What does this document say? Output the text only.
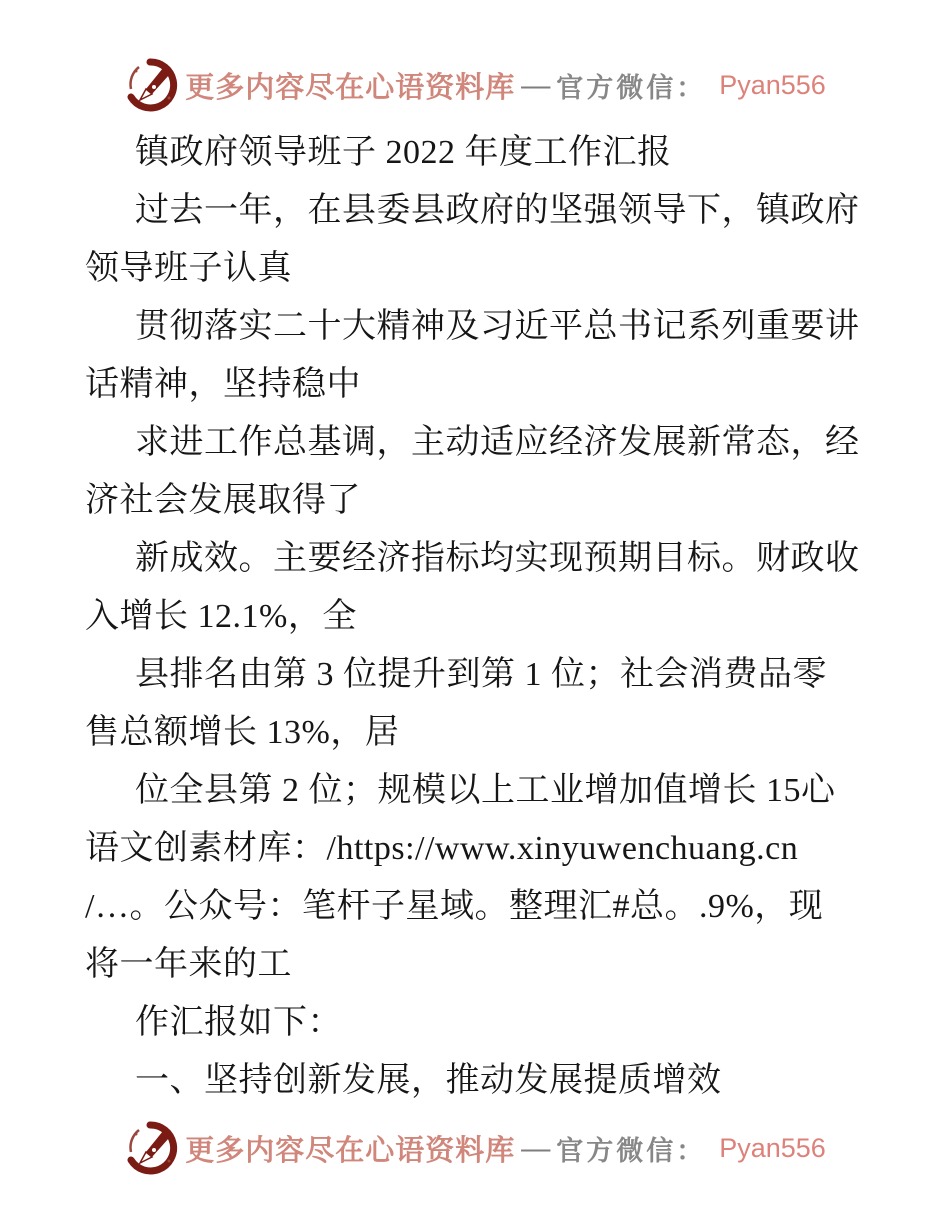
更多内容尽在心语资料库 — 官方微信： Pyan556
镇政府领导班子 2022 年度工作汇报
过去一年，在县委县政府的坚强领导下，镇政府
领导班子认真
贯彻落实二十大精神及习近平总书记系列重要讲
话精神，坚持稳中
求进工作总基调，主动适应经济发展新常态，经
济社会发展取得了
新成效。主要经济指标均实现预期目标。财政收
入增长 12.1%，全
县排名由第 3 位提升到第 1 位；社会消费品零
售总额增长 13%，居
位全县第 2 位；规模以上工业增加值增长 15心
语文创素材库：/https://www.xinyuwenchuang.cn
/…。公众号：笔杆子星域。整理汇#总。.9%，现
将一年来的工
作汇报如下：
一、坚持创新发展，推动发展提质增效
更多内容尽在心语资料库 — 官方微信： Pyan556
